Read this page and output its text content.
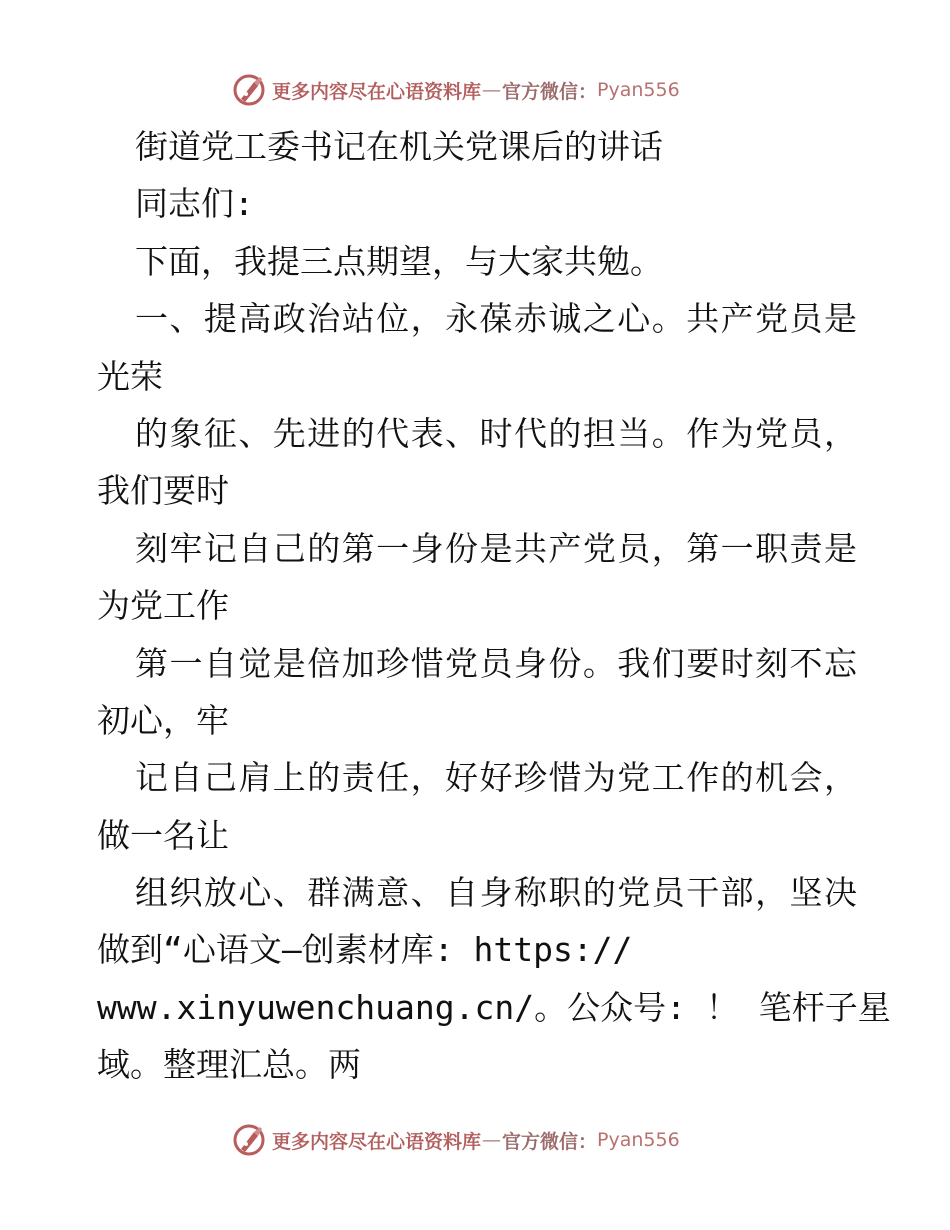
更多内容尽在心语资料库 — 官方微信： Pyan556
街道党工委书记在机关党课后的讲话
同志们:
下面，我提三点期望，与大家共勉。
一、提高政治站位，永葆赤诚之心。共产党员是
光荣
的象征、先进的代表、时代的担当。作为党员，
我们要时
刻牢记自己的第一身份是共产党员，第一职责是
为党工作
第一自觉是倍加珍惜党员身份。我们要时刻不忘
初心，牢
记自己肩上的责任，好好珍惜为党工作的机会，
做一名让
组织放心、群满意、自身称职的党员干部，坚决
做到“心语文—创素材库: https://
www.xinyuwenchuang.cn/。公众号: ！ 笔杆子星
域。整理汇总。两
更多内容尽在心语资料库 — 官方微信： Pyan556
